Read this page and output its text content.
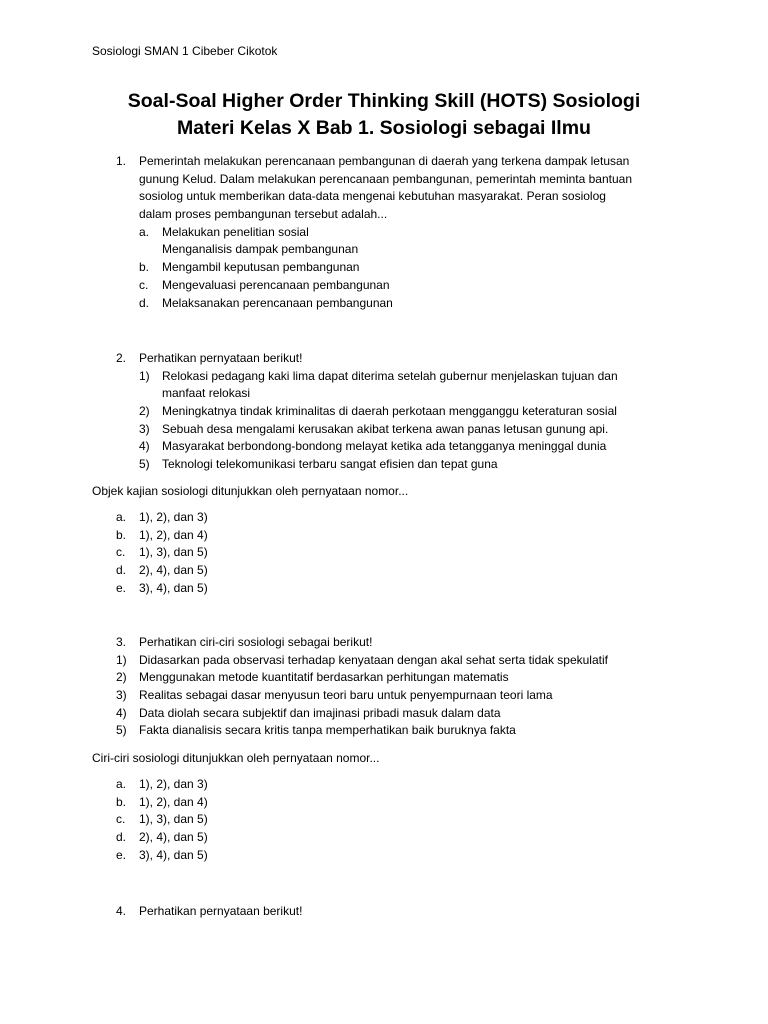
Sosiologi SMAN 1 Cibeber Cikotok
Soal-Soal Higher Order Thinking Skill (HOTS) Sosiologi
Materi Kelas X Bab 1. Sosiologi sebagai Ilmu
1. Pemerintah melakukan perencanaan pembangunan di daerah yang terkena dampak letusan
gunung Kelud. Dalam melakukan perencanaan pembangunan, pemerintah meminta bantuan
sosiolog untuk memberikan data-data mengenai kebutuhan masyarakat. Peran sosiolog
dalam proses pembangunan tersebut adalah...
a. Melakukan penelitian sosial
Menganalisis dampak pembangunan
b. Mengambil keputusan pembangunan
c. Mengevaluasi perencanaan pembangunan
d. Melaksanakan perencanaan pembangunan
2. Perhatikan pernyataan berikut!
1) Relokasi pedagang kaki lima dapat diterima setelah gubernur menjelaskan tujuan dan
manfaat relokasi
2) Meningkatnya tindak kriminalitas di daerah perkotaan mengganggu keteraturan sosial
3) Sebuah desa mengalami kerusakan akibat terkena awan panas letusan gunung api.
4) Masyarakat berbondong-bondong melayat ketika ada tetangganya meninggal dunia
5) Teknologi telekomunikasi terbaru sangat efisien dan tepat guna
Objek kajian sosiologi ditunjukkan oleh pernyataan nomor...
a. 1), 2), dan 3)
b. 1), 2), dan 4)
c. 1), 3), dan 5)
d. 2), 4), dan 5)
e. 3), 4), dan 5)
3. Perhatikan ciri-ciri sosiologi sebagai berikut!
1) Didasarkan pada observasi terhadap kenyataan dengan akal sehat serta tidak spekulatif
2) Menggunakan metode kuantitatif berdasarkan perhitungan matematis
3) Realitas sebagai dasar menyusun teori baru untuk penyempurnaan teori lama
4) Data diolah secara subjektif dan imajinasi pribadi masuk dalam data
5) Fakta dianalisis secara kritis tanpa memperhatikan baik buruknya fakta
Ciri-ciri sosiologi ditunjukkan oleh pernyataan nomor...
a. 1), 2), dan 3)
b. 1), 2), dan 4)
c. 1), 3), dan 5)
d. 2), 4), dan 5)
e. 3), 4), dan 5)
4. Perhatikan pernyataan berikut!
